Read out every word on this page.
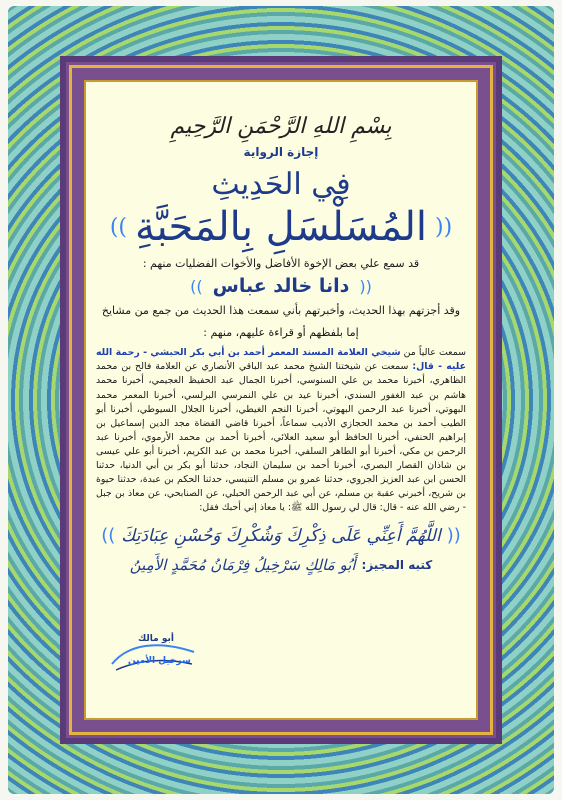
بِسْمِ اللهِ الرَّحْمَنِ الرَّحِيمِ
إجازة الرواية
فِي الحَدِيثِ
((
المُسَلْسَلِ بِالمَحَبَّةِ
))
قد سمع علي بعض الإخوة الأفاضل والأخوات الفضليات منهم :
((
دانا خالد عباس
))
وقد أجزتهم بهذا الحديث، وأخبرتهم بأني سمعت هذا الحديث من جمع من مشايخ
إما بلفظهم أو قراءة عليهم، منهم :
سمعت عالياً من شيخي العلامة المسند المعمر أحمد بن أبي بكر الحبشي - رحمة الله عليه - قال: سمعت عن شيختنا الشيخ محمد عبد الباقي الأنصاري عن العلامة فالح بن محمد الظاهري، أخبرنا محمد بن علي السنوسي، أخبرنا الجمال عبد الحفيظ العجيمي، أخبرنا محمد هاشم بن عبد الغفور السندي، أخبرنا عيد بن علي النمرسي البرلسي، أخبرنا المعمر محمد البهوتي، أخبرنا عبد الرحمن البهوتي، أخبرنا النجم الغيطي، أخبرنا الجلال السيوطي، أخبرنا أبو الطيب أحمد بن محمد الحجازي الأديب سماعاً، أخبرنا قاضي القضاة مجد الدين إسماعيل بن إبراهيم الحنفي، أخبرنا الحافظ أبو سعيد العلائي، أخبرنا أحمد بن محمد الأرموي، أخبرنا عبد الرحمن بن مكي، أخبرنا أبو الطاهر السلفي، أخبرنا محمد بن عبد الكريم، أخبرنا أبو علي عيسى بن شاذان القصار البصري، أخبرنا أحمد بن سليمان النجاد، حدثنا أبو بكر بن أبي الدنيا، حدثنا الحسن ابن عبد العزيز الجروي، حدثنا عمرو بن مسلم التنيسي، حدثنا الحكم بن عبدة، حدثنا حيوة بن شريح، أخبرني عقبة بن مسلم، عن أبي عبد الرحمن الحبلي، عن الصنابحي، عن معاذ بن جبل - رضي الله عنه - قال: قال لي رسول الله ﷺ: يا معاذ إني أحبك فقل:
((
اللَّهُمَّ أَعِنِّي عَلَى ذِكْرِكَ وَشُكْرِكَ وَحُسْنِ عِبَادَتِكَ
))
كتبه المجيز:
أَبُو مَالِكٍ سَرْخِيلُ فِرْمَانُ مُحَمَّدٍ الأَمِينُ
أبو مالك
سرخيل الأمين
